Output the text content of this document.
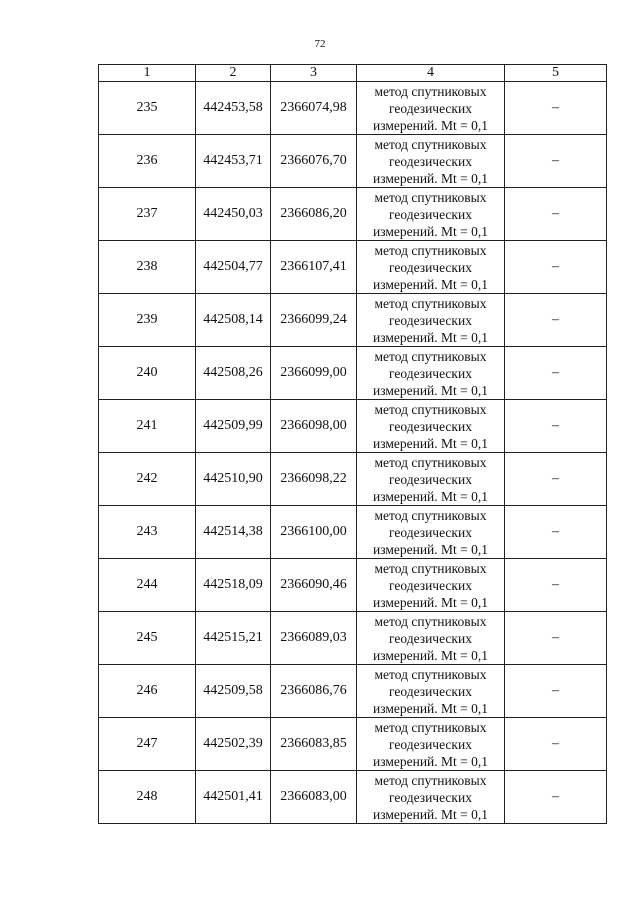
72
1	2	3	4	5
235	442453,58	2366074,98	метод спутниковых
геодезических
измерений. Mt = 0,1	–
236	442453,71	2366076,70	метод спутниковых
геодезических
измерений. Mt = 0,1	–
237	442450,03	2366086,20	метод спутниковых
геодезических
измерений. Mt = 0,1	–
238	442504,77	2366107,41	метод спутниковых
геодезических
измерений. Mt = 0,1	–
239	442508,14	2366099,24	метод спутниковых
геодезических
измерений. Mt = 0,1	–
240	442508,26	2366099,00	метод спутниковых
геодезических
измерений. Mt = 0,1	–
241	442509,99	2366098,00	метод спутниковых
геодезических
измерений. Mt = 0,1	–
242	442510,90	2366098,22	метод спутниковых
геодезических
измерений. Mt = 0,1	–
243	442514,38	2366100,00	метод спутниковых
геодезических
измерений. Mt = 0,1	–
244	442518,09	2366090,46	метод спутниковых
геодезических
измерений. Mt = 0,1	–
245	442515,21	2366089,03	метод спутниковых
геодезических
измерений. Mt = 0,1	–
246	442509,58	2366086,76	метод спутниковых
геодезических
измерений. Mt = 0,1	–
247	442502,39	2366083,85	метод спутниковых
геодезических
измерений. Mt = 0,1	–
248	442501,41	2366083,00	метод спутниковых
геодезических
измерений. Mt = 0,1	–
